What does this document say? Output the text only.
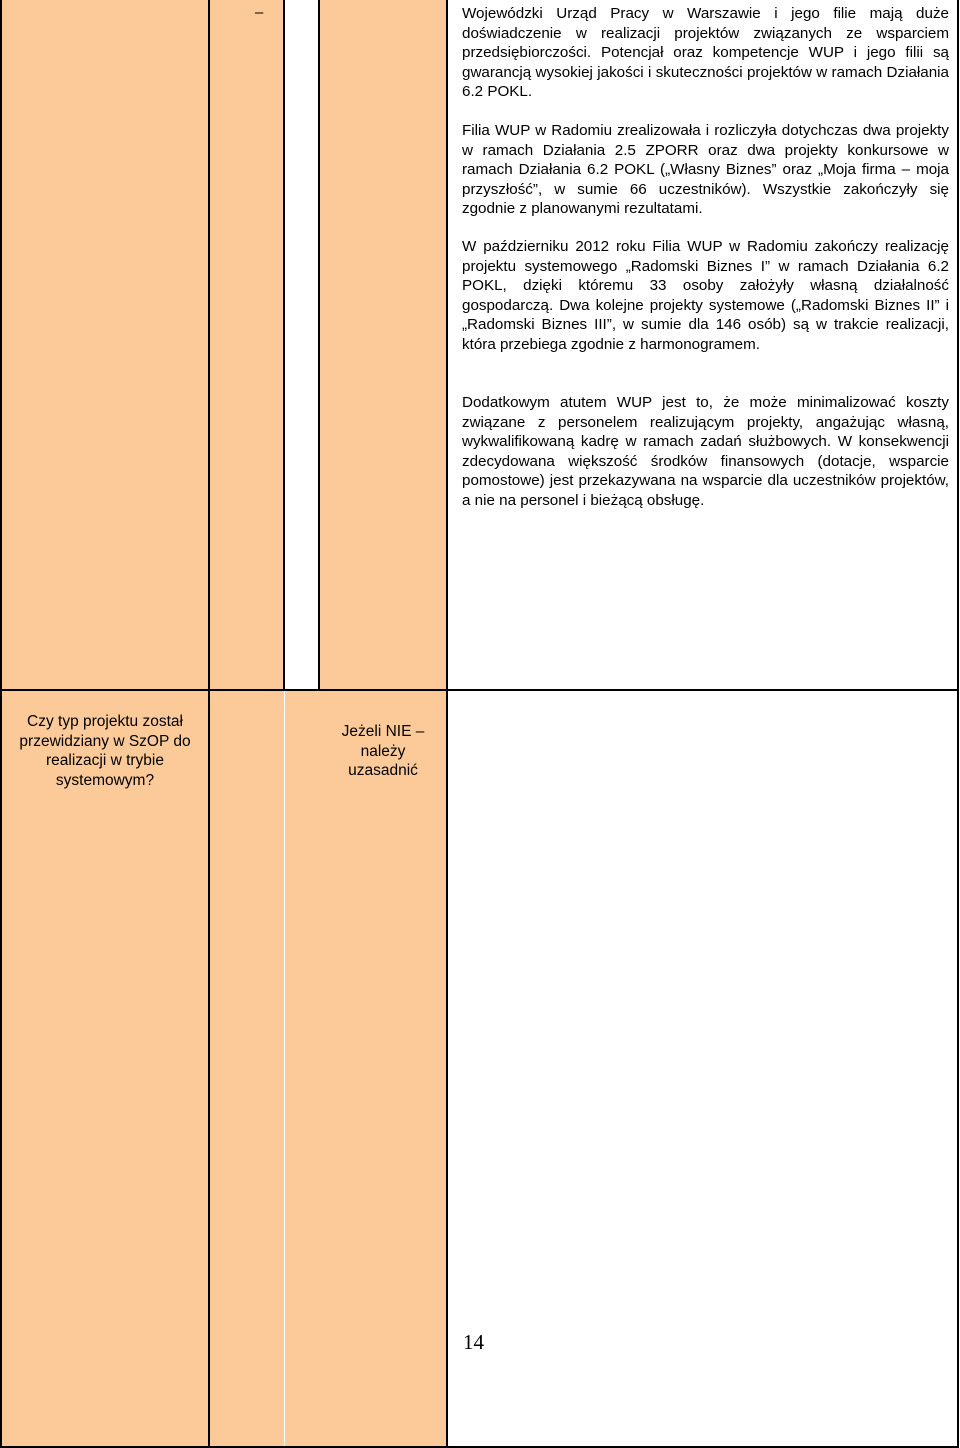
–	Wojewódzki Urząd Pracy w Warszawie i jego filie mają duże doświadczenie w realizacji projektów związanych ze wsparciem przedsiębiorczości. Potencjał oraz kompetencje WUP i jego filii są gwarancją wysokiej jakości i skuteczności projektów w ramach Działania 6.2 POKL.
Filia WUP w Radomiu zrealizowała i rozliczyła dotychczas dwa projekty w ramach Działania 2.5 ZPORR oraz dwa projekty konkursowe w ramach Działania 6.2 POKL („Własny Biznes” oraz „Moja firma – moja przyszłość”, w sumie 66 uczestników). Wszystkie zakończyły się zgodnie z planowanymi rezultatami.
W październiku 2012 roku Filia WUP w Radomiu zakończy realizację projektu systemowego „Radomski Biznes I” w ramach Działania 6.2 POKL, dzięki któremu 33 osoby założyły własną działalność gospodarczą. Dwa kolejne projekty systemowe („Radomski Biznes II” i „Radomski Biznes III”, w sumie dla 146 osób) są w trakcie realizacji, która przebiega zgodnie z harmonogramem.
Dodatkowym atutem WUP jest to, że może minimalizować koszty związane z personelem realizującym projekty, angażując własną, wykwalifikowaną kadrę w ramach zadań służbowych. W konsekwencji zdecydowana większość środków finansowych (dotacje, wsparcie pomostowe) jest przekazywana na wsparcie dla uczestników projektów, a nie na personel i bieżącą obsługę.
Czy typ projektu został przewidziany w SzOP do realizacji w trybie systemowym?
Jeżeli NIE – należy uzasadnić
14
